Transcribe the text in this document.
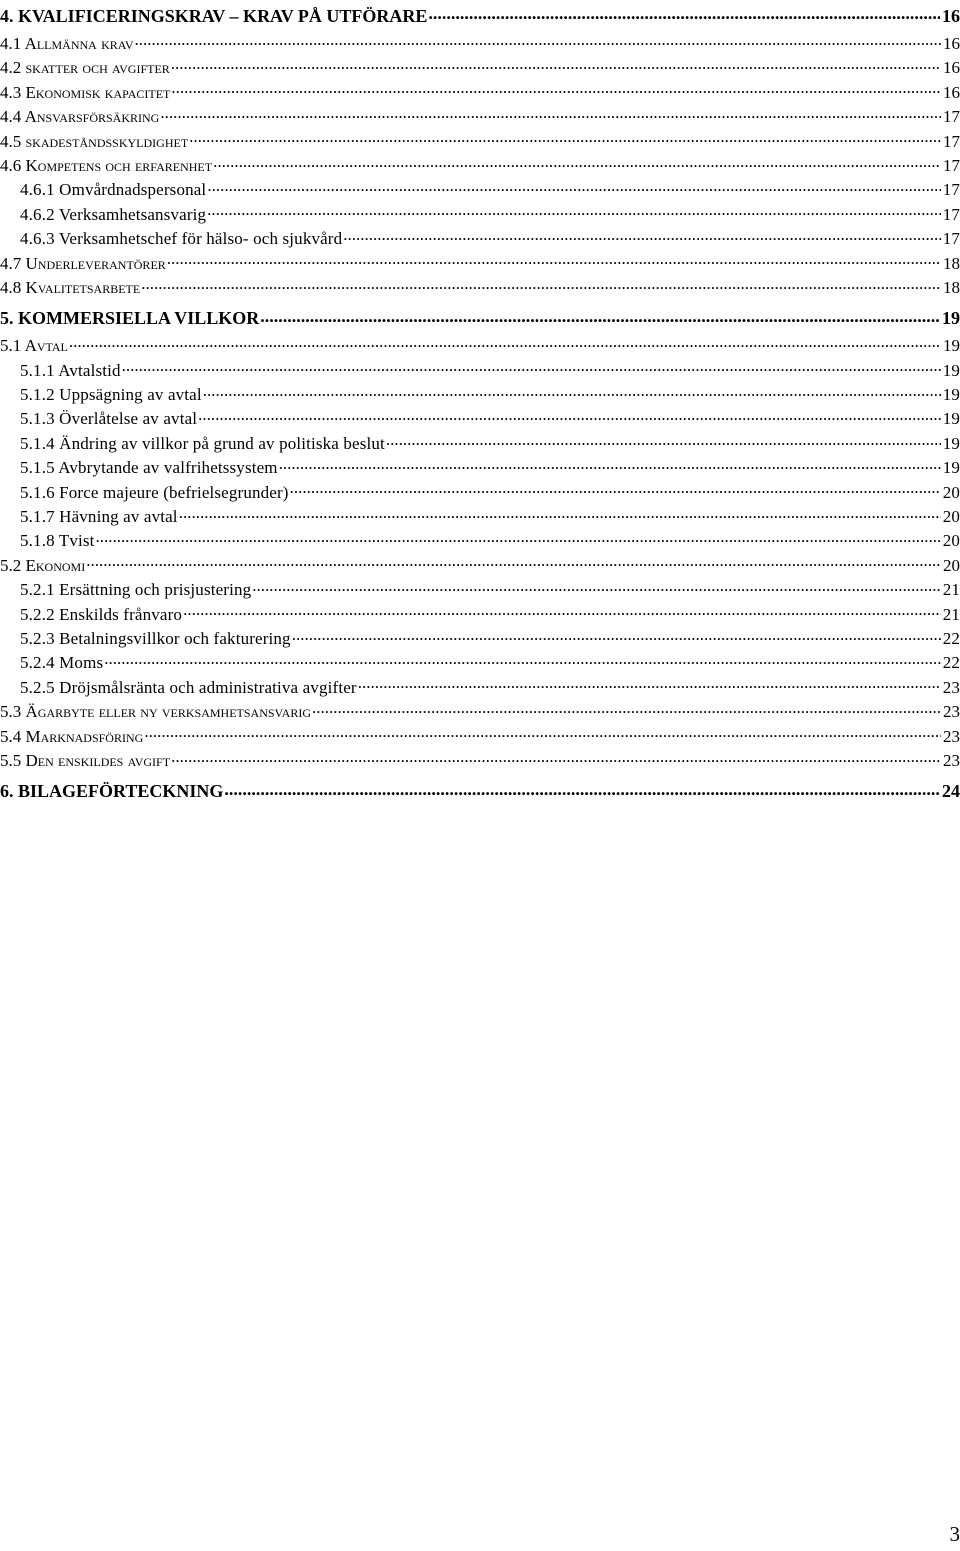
4. KVALIFICERINGSKRAV – KRAV PÅ UTFÖRARE .....	16
4.1 Allmänna krav .....	16
4.2 skatter och avgifter .....	16
4.3 Ekonomisk kapacitet .....	16
4.4 Ansvarsförsäkring .....	17
4.5 skadeståndsskyldighet .....	17
4.6 Kompetens och erfarenhet .....	17
4.6.1 Omvårdnadspersonal .....	17
4.6.2 Verksamhetsansvarig .....	17
4.6.3 Verksamhetschef för hälso- och sjukvård .....	17
4.7 Underleverantörer .....	18
4.8 Kvalitetsarbete .....	18
5. KOMMERSIELLA VILLKOR .....	19
5.1 Avtal .....	19
5.1.1 Avtalstid .....	19
5.1.2 Uppsägning av avtal .....	19
5.1.3 Överlåtelse av avtal .....	19
5.1.4 Ändring av villkor på grund av politiska beslut .....	19
5.1.5 Avbrytande av valfrihetssystem .....	19
5.1.6 Force majeure (befrielsegrunder) .....	20
5.1.7 Hävning av avtal .....	20
5.1.8 Tvist .....	20
5.2 Ekonomi .....	20
5.2.1 Ersättning och prisjustering .....	21
5.2.2 Enskilds frånvaro .....	21
5.2.3 Betalningsvillkor och fakturering .....	22
5.2.4 Moms .....	22
5.2.5 Dröjsmålsränta och administrativa avgifter .....	23
5.3 Ägarbyte eller ny verksamhetsansvarig .....	23
5.4 Marknadsföring .....	23
5.5 Den enskildes avgift .....	23
6. BILAGEFÖRTECKNING .....	24
3
